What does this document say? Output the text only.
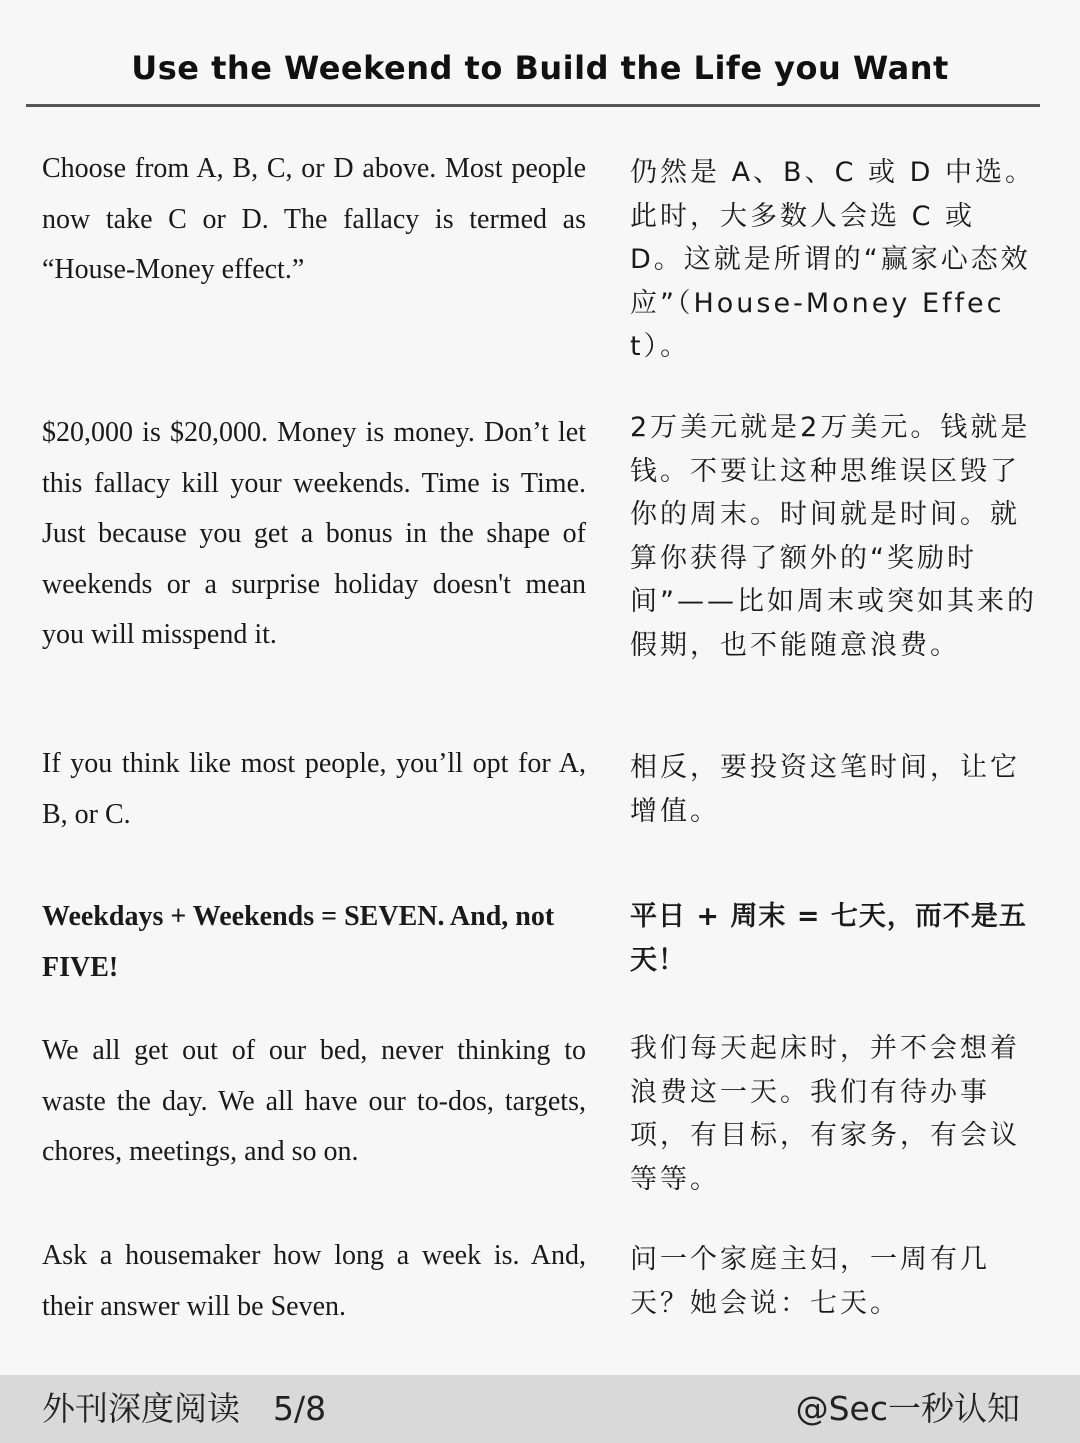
Use the Weekend to Build the Life you Want

Choose from A, B, C, or D above. Most people now take C or D. The fallacy is termed as “House-Money effect.”

仍然是 A、B、C 或 D 中选。此时，大多数人会选 C 或 D。这就是所谓的“赢家心态效应”（House-Money Effect）。

$20,000 is $20,000. Money is money. Don’t let this fallacy kill your weekends. Time is Time. Just because you get a bonus in the shape of weekends or a surprise holiday doesn't mean you will misspend it.

2万美元就是2万美元。钱就是钱。不要让这种思维误区毁了你的周末。时间就是时间。就算你获得了额外的“奖励时间”——比如周末或突如其来的假期，也不能随意浪费。

If you think like most people, you’ll opt for A, B, or C.

相反，要投资这笔时间，让它增值。

Weekdays + Weekends = SEVEN. And, not FIVE!

平日 + 周末 = 七天，而不是五天！

We all get out of our bed, never thinking to waste the day. We all have our to-dos, targets, chores, meetings, and so on.

我们每天起床时，并不会想着浪费这一天。我们有待办事项，有目标，有家务，有会议等等。

Ask a housemaker how long a week is. And, their answer will be Seven.

问一个家庭主妇，一周有几天？她会说：七天。

外刊深度阅读　5/8	@Sec一秒认知
